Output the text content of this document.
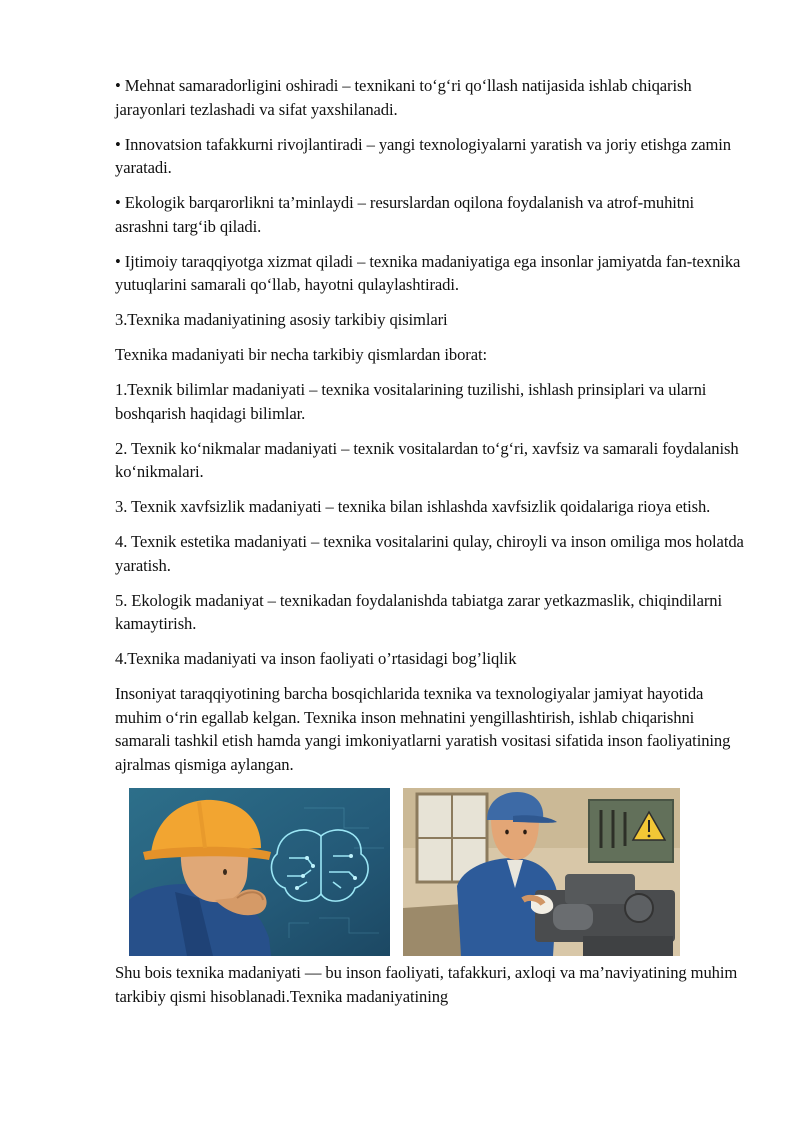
• Mehnat samaradorligini oshiradi – texnikani to‘g‘ri qo‘llash natijasida ishlab chiqarish jarayonlari tezlashadi va sifat yaxshilanadi.

• Innovatsion tafakkurni rivojlantiradi – yangi texnologiyalarni yaratish va joriy etishga zamin yaratadi.

• Ekologik barqarorlikni ta’minlaydi – resurslardan oqilona foydalanish va atrof-muhitni asrashni targ‘ib qiladi.

• Ijtimoiy taraqqiyotga xizmat qiladi – texnika madaniyatiga ega insonlar jamiyatda fan-texnika yutuqlarini samarali qo‘llab, hayotni qulaylashtiradi.

3.Texnika madaniyatining asosiy tarkibiy qisimlari

Texnika madaniyati bir necha tarkibiy qismlardan iborat:

1.Texnik bilimlar madaniyati – texnika vositalarining tuzilishi, ishlash prinsiplari va ularni boshqarish haqidagi bilimlar.

2. Texnik ko‘nikmalar madaniyati – texnik vositalardan to‘g‘ri, xavfsiz va samarali foydalanish ko‘nikmalari.

3. Texnik xavfsizlik madaniyati – texnika bilan ishlashda xavfsizlik qoidalariga rioya etish.

4. Texnik estetika madaniyati – texnika vositalarini qulay, chiroyli va inson omiliga mos holatda yaratish.

5. Ekologik madaniyat – texnikadan foydalanishda tabiatga zarar yetkazmaslik, chiqindilarni kamaytirish.

4.Texnika madaniyati va inson faoliyati o’rtasidagi bog’liqlik

Insoniyat taraqqiyotining barcha bosqichlarida texnika va texnologiyalar jamiyat hayotida muhim o‘rin egallab kelgan. Texnika inson mehnatini yengillashtirish, ishlab chiqarishni samarali tashkil etish hamda yangi imkoniyatlarni yaratish vositasi sifatida inson faoliyatining ajralmas qismiga aylangan.

Shu bois texnika madaniyati — bu inson faoliyati, tafakkuri, axloqi va ma’naviyatining muhim tarkibiy qismi hisoblanadi.Texnika madaniyatining
